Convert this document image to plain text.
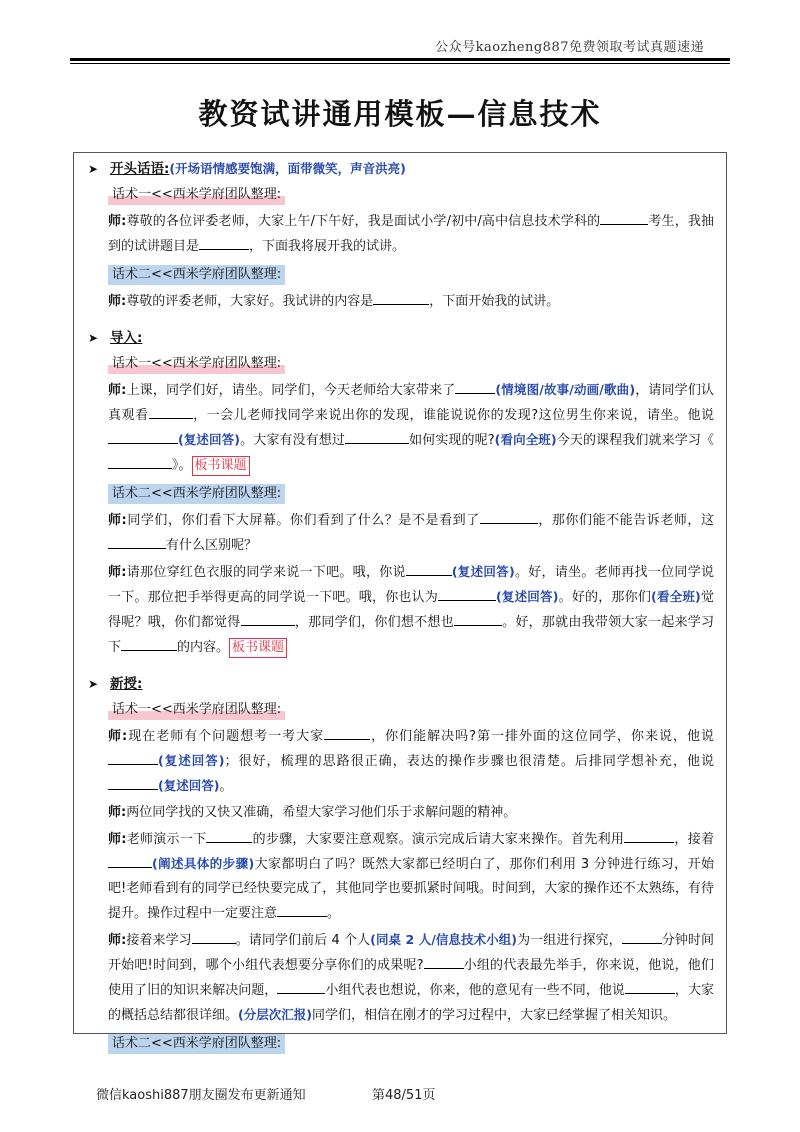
公众号kaozheng887免费领取考试真题速递
教资试讲通用模板—信息技术
➤ 开头话语: (开场语情感要饱满，面带微笑，声音洪亮)
话术一<<西米学府团队整理:
师:尊敬的各位评委老师，大家上午/下午好，我是面试小学/初中/高中信息技术学科的	考生，我抽到的试讲题目是	，下面我将展开我的试讲。
话术二<<西米学府团队整理:
师:尊敬的评委老师，大家好。我试讲的内容是	，下面开始我的试讲。
➤ 导入:
话术一<<西米学府团队整理:
师:上课，同学们好，请坐。同学们，今天老师给大家带来了	(情境图/故事/动画/歌曲)，请同学们认真观看	，一会儿老师找同学来说出你的发现，谁能说说你的发现?这位男生你来说，请坐。他说(复述回答)。大家有没有想过	如何实现的呢?(看向全班)今天的课程我们就来学习《》。 板书课题
话术二<<西米学府团队整理:
师:同学们，你们看下大屏幕。你们看到了什么？是不是看到了	，那你们能不能告诉老师，这有什么区别呢？
师:请那位穿红色衣服的同学来说一下吧。哦，你说	(复述回答)。好，请坐。老师再找一位同学说一下。那位把手举得更高的同学说一下吧。哦，你也认为	(复述回答)。好的，那你们(看全班)觉得呢？哦，你们都觉得	，那同学们，你们想不想也	。好，那就由我带领大家一起来学习下	的内容。 板书课题
➤ 新授:
话术一<<西米学府团队整理:
师:现在老师有个问题想考一考大家	，你们能解决吗?第一排外面的这位同学，你来说，他说(复述回答)；很好，梳理的思路很正确，表达的操作步骤也很清楚。后排同学想补充，他说(复述回答)。
师:两位同学找的又快又准确，希望大家学习他们乐于求解问题的精神。
师:老师演示一下	的步骤，大家要注意观察。演示完成后请大家来操作。首先利用	，接着(阐述具体的步骤)大家都明白了吗？既然大家都已经明白了，那你们利用 3 分钟进行练习，开始吧!老师看到有的同学已经快要完成了，其他同学也要抓紧时间哦。时间到，大家的操作还不太熟练，有待提升。操作过程中一定要注意	。
师:接着来学习	。请同学们前后 4 个人(同桌 2 人/信息技术小组)为一组进行探究，	分钟时间开始吧!时间到，哪个小组代表想要分享你们的成果呢?	小组的代表最先举手，你来说，他说，他们使用了旧的知识来解决问题，	小组代表也想说，你来，他的意见有一些不同，他说	，大家的概括总结都很详细。(分层次汇报)同学们，相信在刚才的学习过程中，大家已经掌握了相关知识。
话术二<<西米学府团队整理:
微信kaoshi887朋友圈发布更新通知	第48/51页
